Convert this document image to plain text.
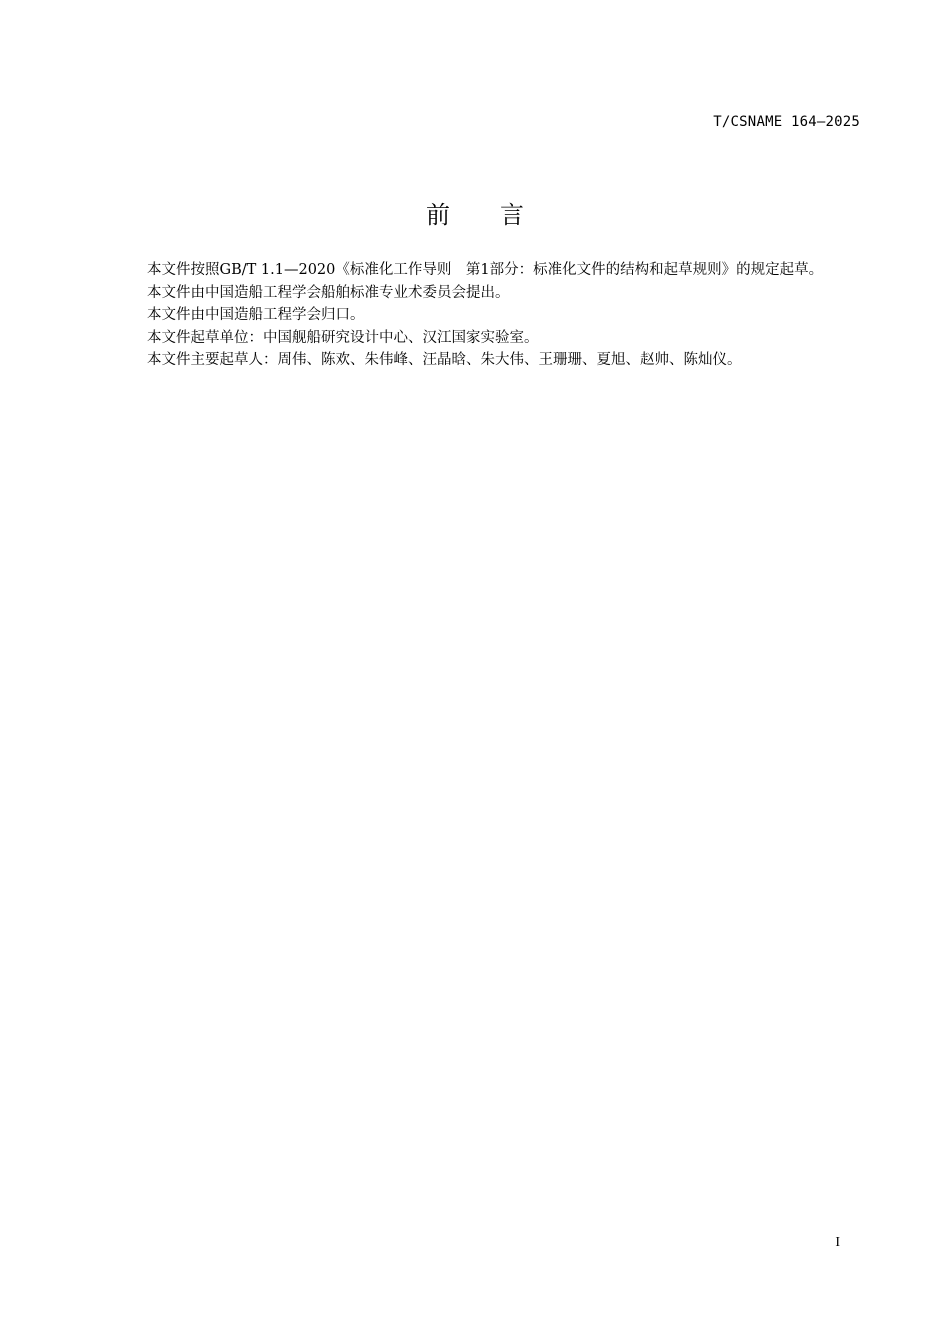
T/CSNAME 164—2025
前言

本文件按照GB/T 1.1—2020《标准化工作导则　第1部分：标准化文件的结构和起草规则》的规定起草。

本文件由中国造船工程学会船舶标准专业术委员会提出。

本文件由中国造船工程学会归口。

本文件起草单位：中国舰船研究设计中心、汉江国家实验室。

本文件主要起草人：周伟、陈欢、朱伟峰、汪晶晗、朱大伟、王珊珊、夏旭、赵帅、陈灿仪。

I
